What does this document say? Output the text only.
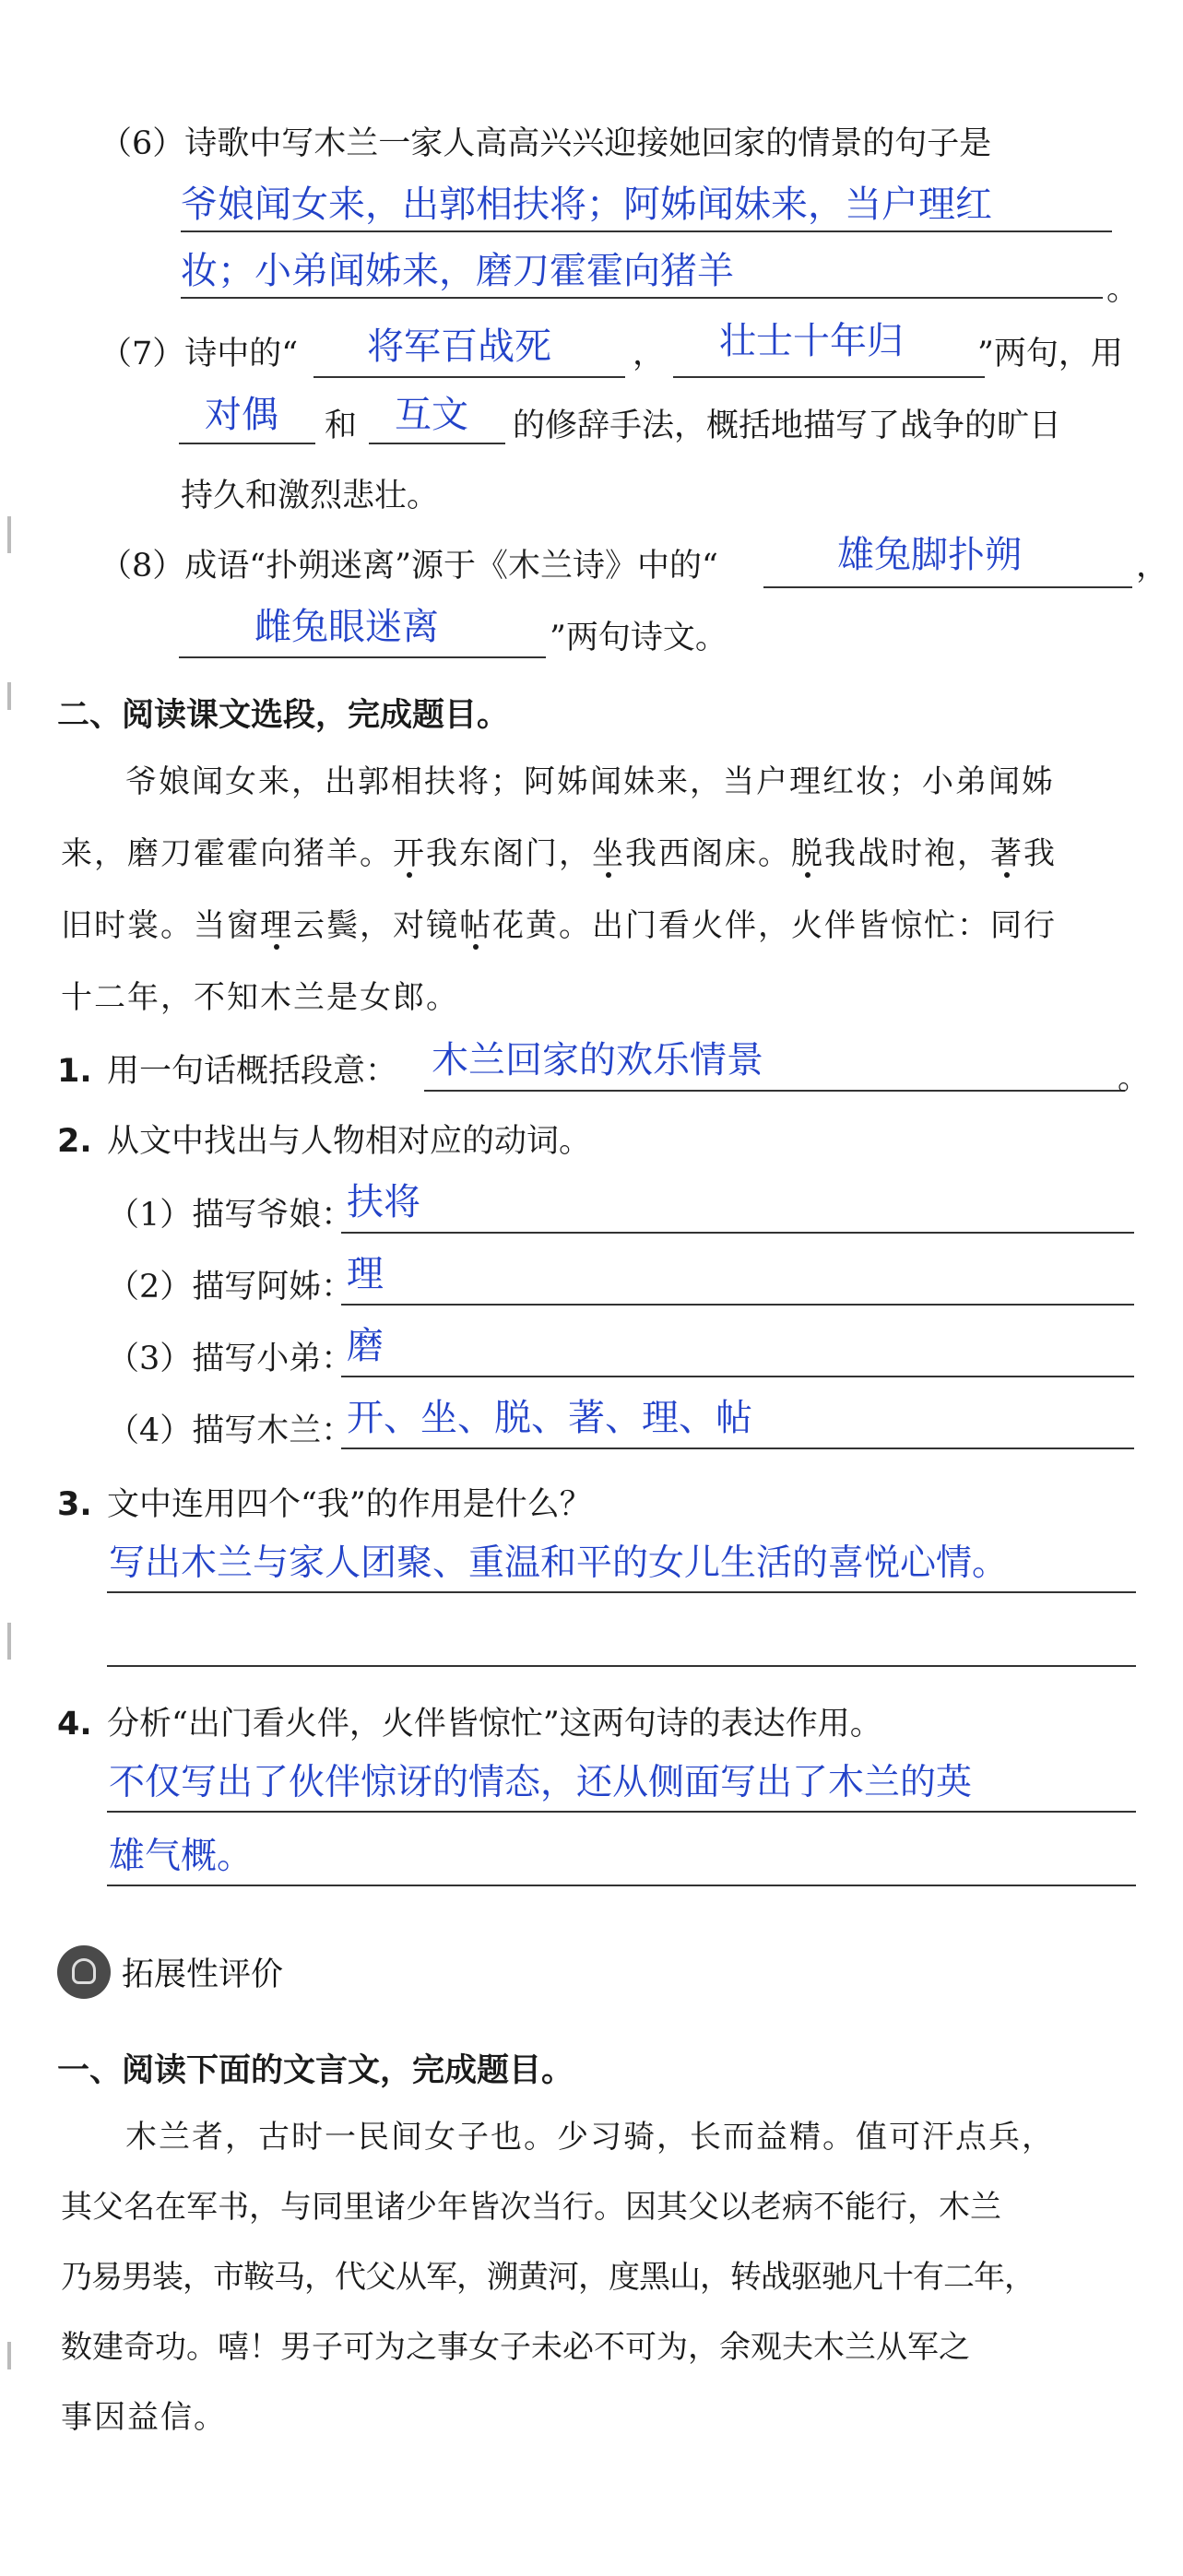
（6）诗歌中写木兰一家人高高兴兴迎接她回家的情景的句子是
爷娘闻女来，出郭相扶将；阿姊闻妹来，当户理红
妆；小弟闻姊来，磨刀霍霍向猪羊	。
（7）诗中的“ 将军百战死	， 壮士十年归 ”两句，用
对偶 和 互文 的修辞手法，概括地描写了战争的旷日
持久和激烈悲壮。
（8）成语“扑朔迷离”源于《木兰诗》中的“	雄兔脚扑朔	，
雌兔眼迷离	”两句诗文。
二、阅读课文选段，完成题目。
爷娘闻女来，出郭相扶将；阿姊闻妹来，当户理红妆；小弟闻姊
来，磨刀霍霍向猪羊。开我东阁门，坐我西阁床。脱我战时袍，著我
旧时裳。当窗理云鬓，对镜帖花黄。出门看火伴，火伴皆惊忙：同行
十二年，不知木兰是女郎。
1. 用一句话概括段意： 木兰回家的欢乐情景	。
2. 从文中找出与人物相对应的动词。
（1）描写爷娘：
扶将
（2）描写阿姊：
理
（3）描写小弟：
磨
（4）描写木兰：
开、坐、脱、著、理、帖
3. 文中连用四个“我”的作用是什么？
写出木兰与家人团聚、重温和平的女儿生活的喜悦心情。
4. 分析“出门看火伴，火伴皆惊忙”这两句诗的表达作用。
不仅写出了伙伴惊讶的情态，还从侧面写出了木兰的英
雄气概。
拓展性评价
一、阅读下面的文言文，完成题目。
木兰者，古时一民间女子也。少习骑，长而益精。值可汗点兵，
其父名在军书，与同里诸少年皆次当行。因其父以老病不能行，木兰
乃易男装，市鞍马，代父从军，溯黄河，度黑山，转战驱驰凡十有二年，
数建奇功。嘻！男子可为之事女子未必不可为，余观夫木兰从军之
事因益信。
